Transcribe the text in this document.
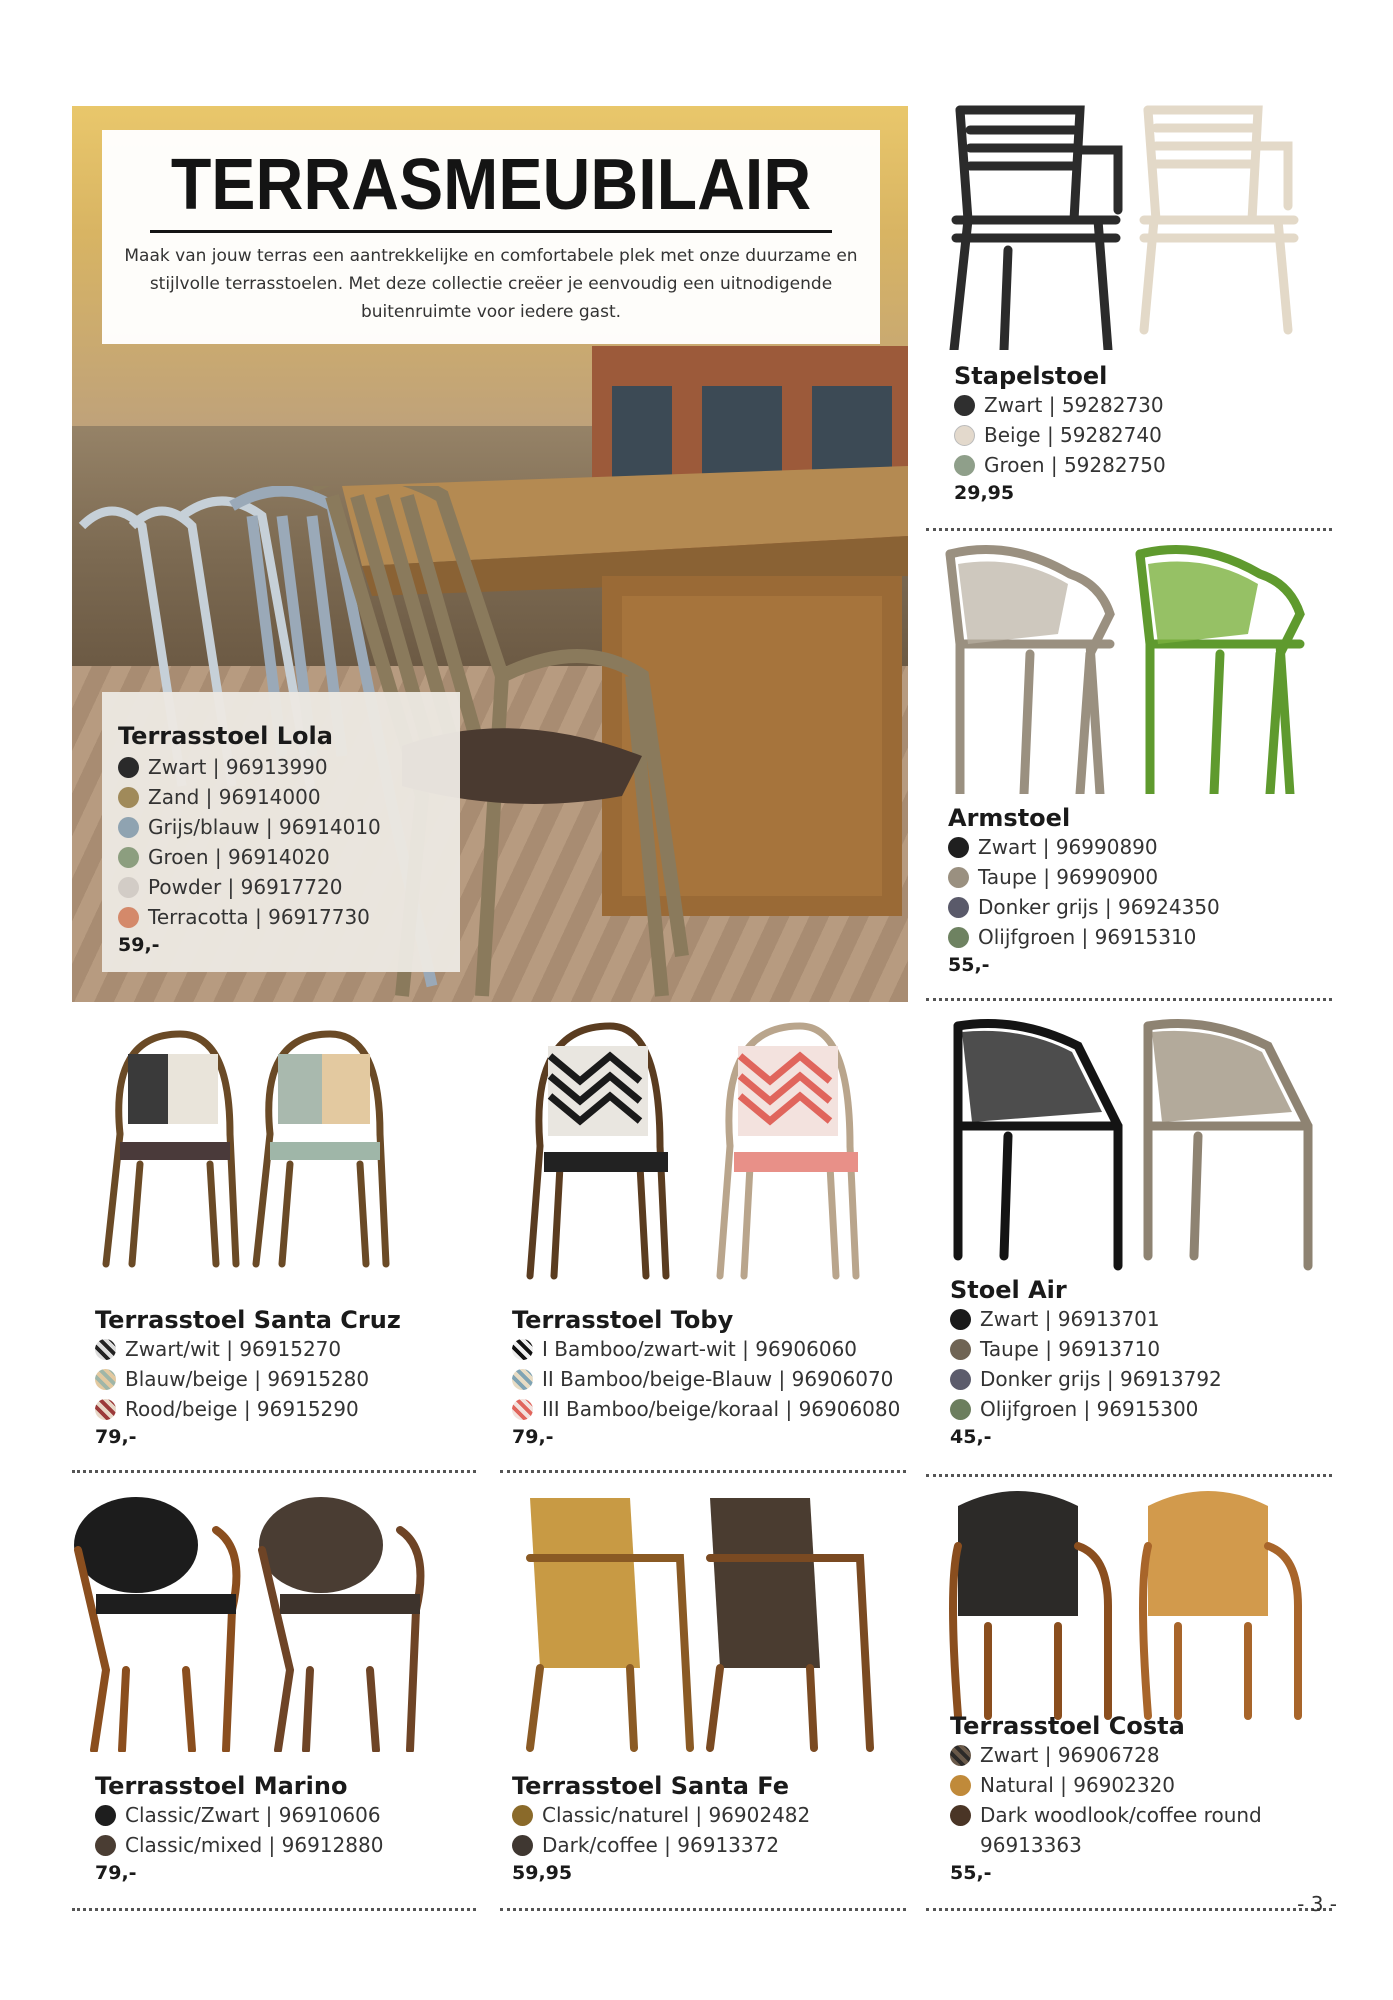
TERRASMEUBILAIR
Maak van jouw terras een aantrekkelijke en comfortabele plek met onze duurzame en stijlvolle terrasstoelen. Met deze collectie creëer je eenvoudig een uitnodigende buitenruimte voor iedere gast.
Terrasstoel Lola
Zwart | 96913990
Zand | 96914000
Grijs/blauw | 96914010
Groen | 96914020
Powder | 96917720
Terracotta | 96917730
59,-
Stapelstoel
Zwart | 59282730
Beige | 59282740
Groen | 59282750
29,95
Armstoel
Zwart | 96990890
Taupe | 96990900
Donker grijs | 96924350
Olijfgroen | 96915310
55,-
Terrasstoel Santa Cruz
Zwart/wit | 96915270
Blauw/beige | 96915280
Rood/beige | 96915290
79,-
Terrasstoel Toby
I Bamboo/zwart-wit | 96906060
II Bamboo/beige-Blauw | 96906070
III Bamboo/beige/koraal | 96906080
79,-
Stoel Air
Zwart | 96913701
Taupe | 96913710
Donker grijs | 96913792
Olijfgroen | 96915300
45,-
Terrasstoel Marino
Classic/Zwart | 96910606
Classic/mixed | 96912880
79,-
Terrasstoel Santa Fe
Classic/naturel | 96902482
Dark/coffee | 96913372
59,95
Terrasstoel Costa
Zwart | 96906728
Natural | 96902320
Dark woodlook/coffee round
96913363
55,-
- 3 -
